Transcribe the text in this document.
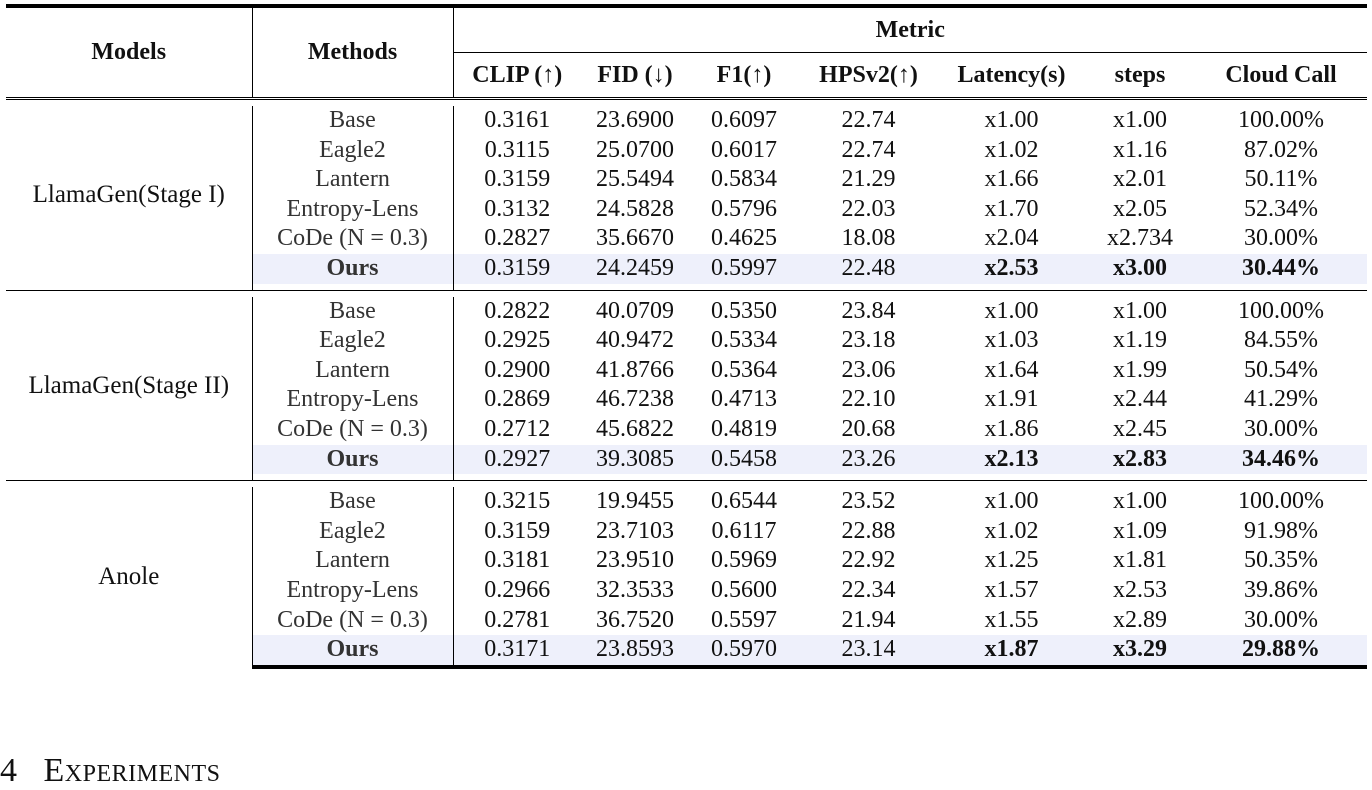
Models	Methods	Metric						
		CLIP (↑)	FID (↓)	F1(↑)	HPSv2(↑)	Latency(s)	steps	Cloud Call

LlamaGen(Stage I)	Base	0.3161	23.6900	0.6097	22.74	x1.00	x1.00	100.00%
	Eagle2	0.3115	25.0700	0.6017	22.74	x1.02	x1.16	87.02%
	Lantern	0.3159	25.5494	0.5834	21.29	x1.66	x2.01	50.11%
	Entropy-Lens	0.3132	24.5828	0.5796	22.03	x1.70	x2.05	52.34%
	CoDe (N = 0.3)	0.2827	35.6670	0.4625	18.08	x2.04	x2.734	30.00%
	Ours	0.3159	24.2459	0.5997	22.48	x2.53	x3.00	30.44%

LlamaGen(Stage II)	Base	0.2822	40.0709	0.5350	23.84	x1.00	x1.00	100.00%
	Eagle2	0.2925	40.9472	0.5334	23.18	x1.03	x1.19	84.55%
	Lantern	0.2900	41.8766	0.5364	23.06	x1.64	x1.99	50.54%
	Entropy-Lens	0.2869	46.7238	0.4713	22.10	x1.91	x2.44	41.29%
	CoDe (N = 0.3)	0.2712	45.6822	0.4819	20.68	x1.86	x2.45	30.00%
	Ours	0.2927	39.3085	0.5458	23.26	x2.13	x2.83	34.46%

Anole	Base	0.3215	19.9455	0.6544	23.52	x1.00	x1.00	100.00%
	Eagle2	0.3159	23.7103	0.6117	22.88	x1.02	x1.09	91.98%
	Lantern	0.3181	23.9510	0.5969	22.92	x1.25	x1.81	50.35%
	Entropy-Lens	0.2966	32.3533	0.5600	22.34	x1.57	x2.53	39.86%
	CoDe (N = 0.3)	0.2781	36.7520	0.5597	21.94	x1.55	x2.89	30.00%
	Ours	0.3171	23.8593	0.5970	23.14	x1.87	x3.29	29.88%
4 Experiments
